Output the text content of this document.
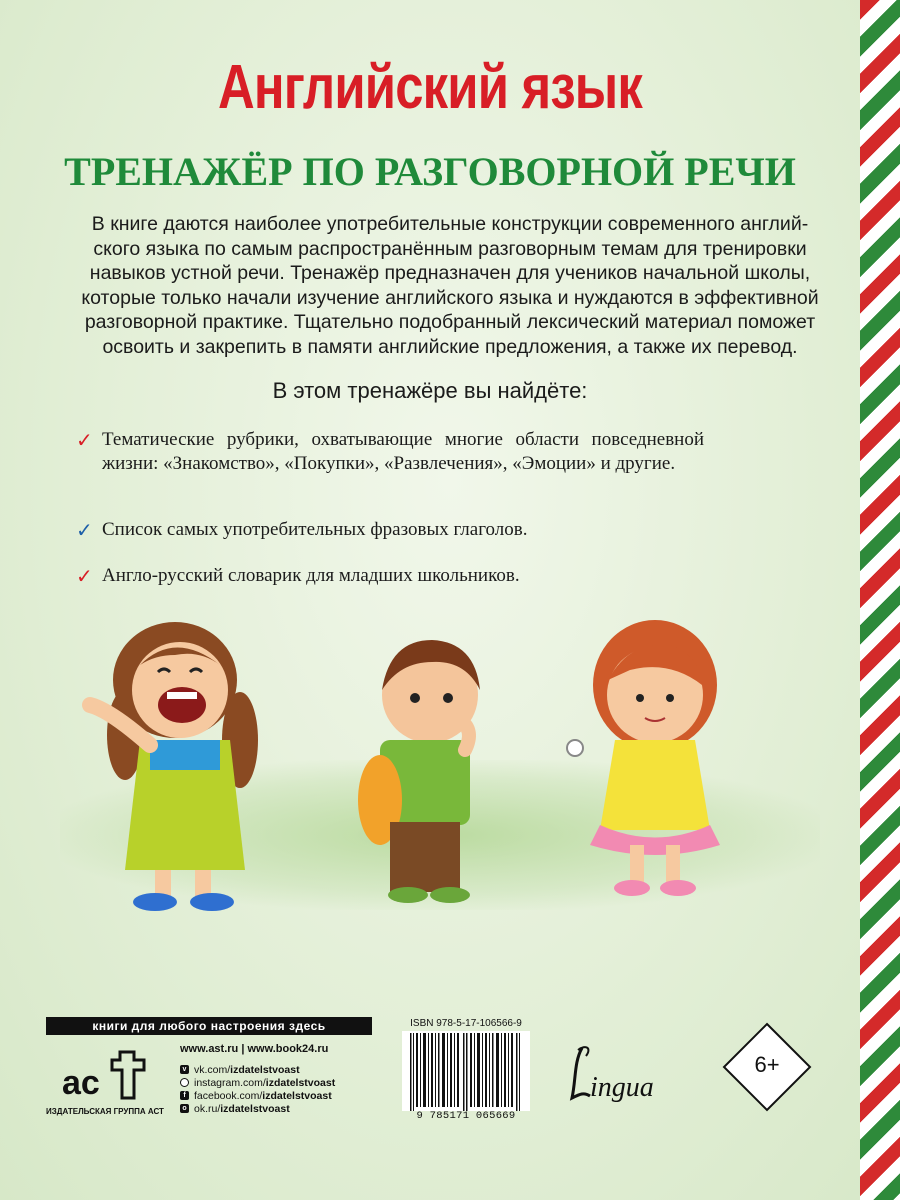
Английский язык
ТРЕНАЖЁР ПО РАЗГОВОРНОЙ РЕЧИ
В книге даются наиболее употребительные конструкции современного англий-
ского языка по самым распространённым разговорным темам для тренировки
навыков устной речи. Тренажёр предназначен для учеников начальной школы,
которые только начали изучение английского языка и нуждаются в эффективной
разговорной практике. Тщательно подобранный лексический материал поможет
освоить и закрепить в памяти английские предложения, а также их перевод.
В этом тренажёре вы найдёте:
✓ Тематические рубрики, охватывающие многие области повседневной жизни: «Знакомство», «Покупки», «Развлечения», «Эмоции» и другие.
✓ Список самых употребительных фразовых глаголов.
✓ Англо-русский словарик для младших школьников.
книги для любого настроения здесь
ас
ИЗДАТЕЛЬСКАЯ ГРУППА АСТ
www.ast.ru | www.book24.ru
v vk.com/ izdatelstvoast
instagram.com/ izdatelstvoast
f facebook.com/ izdatelstvoast
o ok.ru/ izdatelstvoast
ISBN 978-5-17-106566-9
9 785171 065669
ingua
6+
